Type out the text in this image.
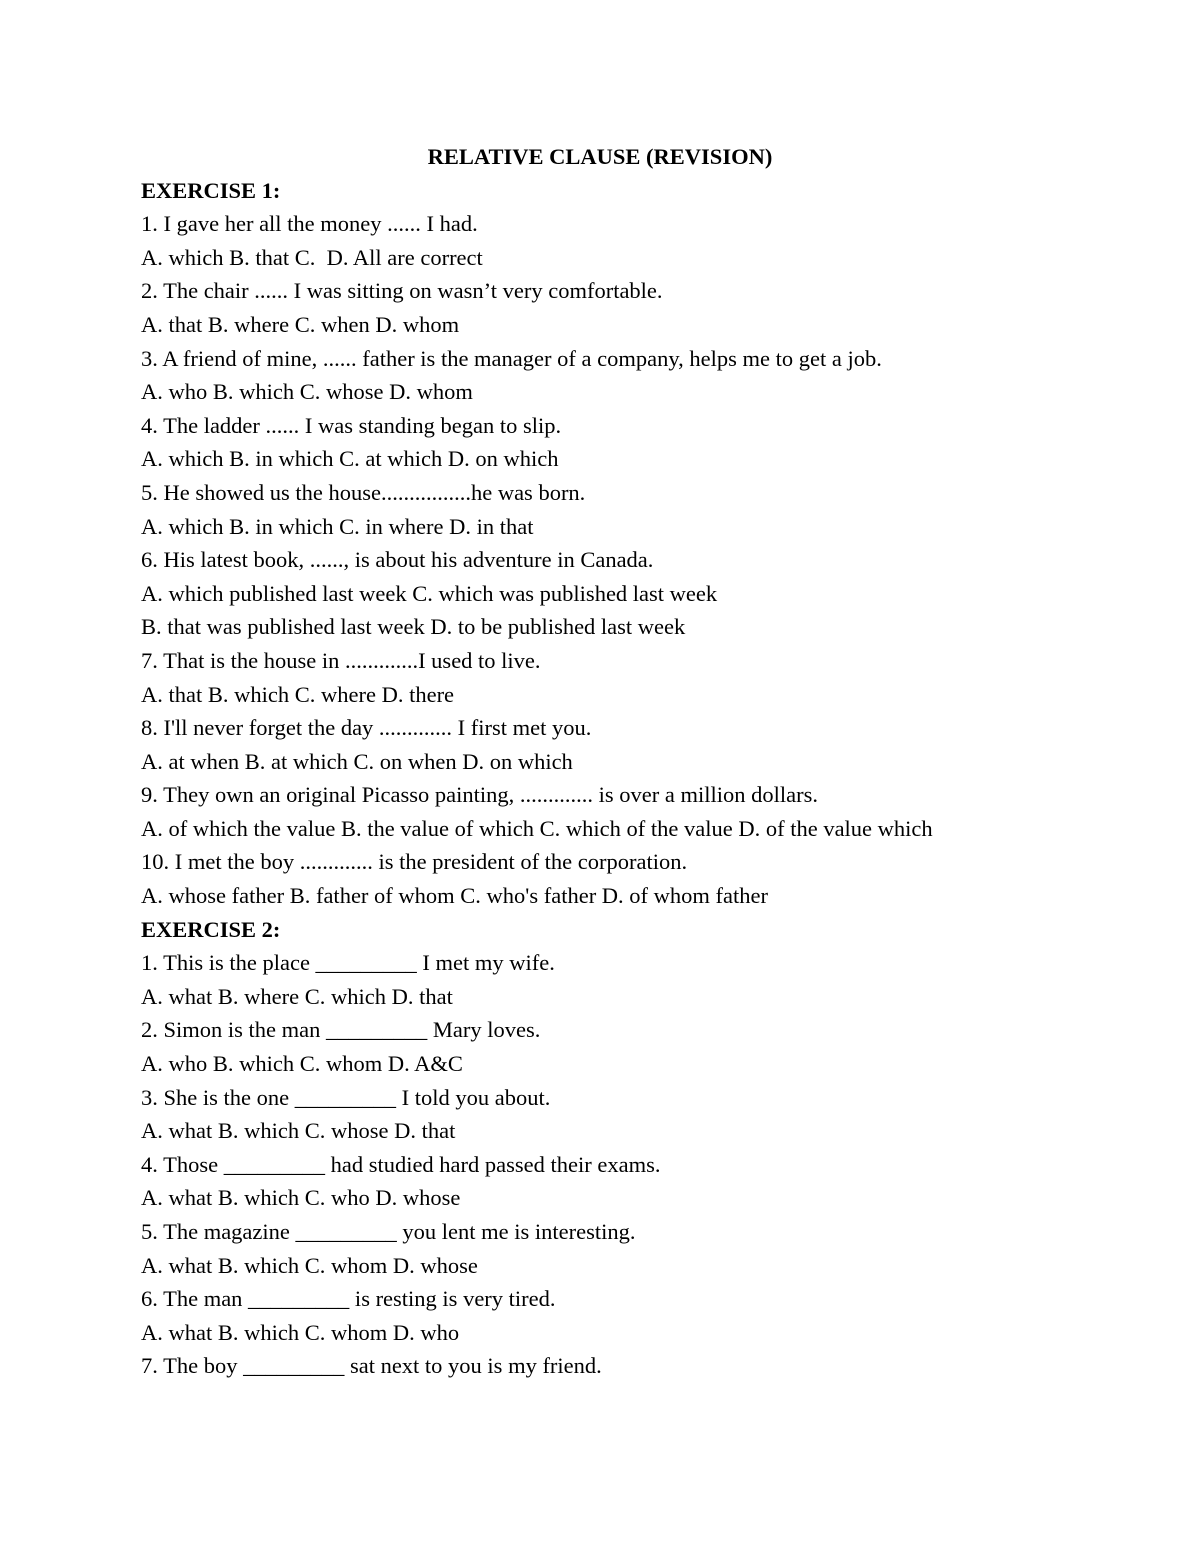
RELATIVE CLAUSE (REVISION)
EXERCISE 1:
1. I gave her all the money ...... I had.
A. which B. that C.  D. All are correct
2. The chair ...... I was sitting on wasn’t very comfortable.
A. that B. where C. when D. whom
3. A friend of mine, ...... father is the manager of a company, helps me to get a job.
A. who B. which C. whose D. whom
4. The ladder ...... I was standing began to slip.
A. which B. in which C. at which D. on which
5. He showed us the house................he was born.
A. which B. in which C. in where D. in that
6. His latest book, ......, is about his adventure in Canada.
A. which published last week C. which was published last week
B. that was published last week D. to be published last week
7. That is the house in .............I used to live.
A. that B. which C. where D. there
8. I'll never forget the day ............. I first met you.
A. at when B. at which C. on when D. on which
9. They own an original Picasso painting, ............. is over a million dollars.
A. of which the value B. the value of which C. which of the value D. of the value which
10. I met the boy ............. is the president of the corporation.
A. whose father B. father of whom C. who's father D. of whom father
EXERCISE 2:
1. This is the place _________ I met my wife.
A. what B. where C. which D. that
2. Simon is the man _________ Mary loves.
A. who B. which C. whom D. A&C
3. She is the one _________ I told you about.
A. what B. which C. whose D. that
4. Those _________ had studied hard passed their exams.
A. what B. which C. who D. whose
5. The magazine _________ you lent me is interesting.
A. what B. which C. whom D. whose
6. The man _________ is resting is very tired.
A. what B. which C. whom D. who
7. The boy _________ sat next to you is my friend.
